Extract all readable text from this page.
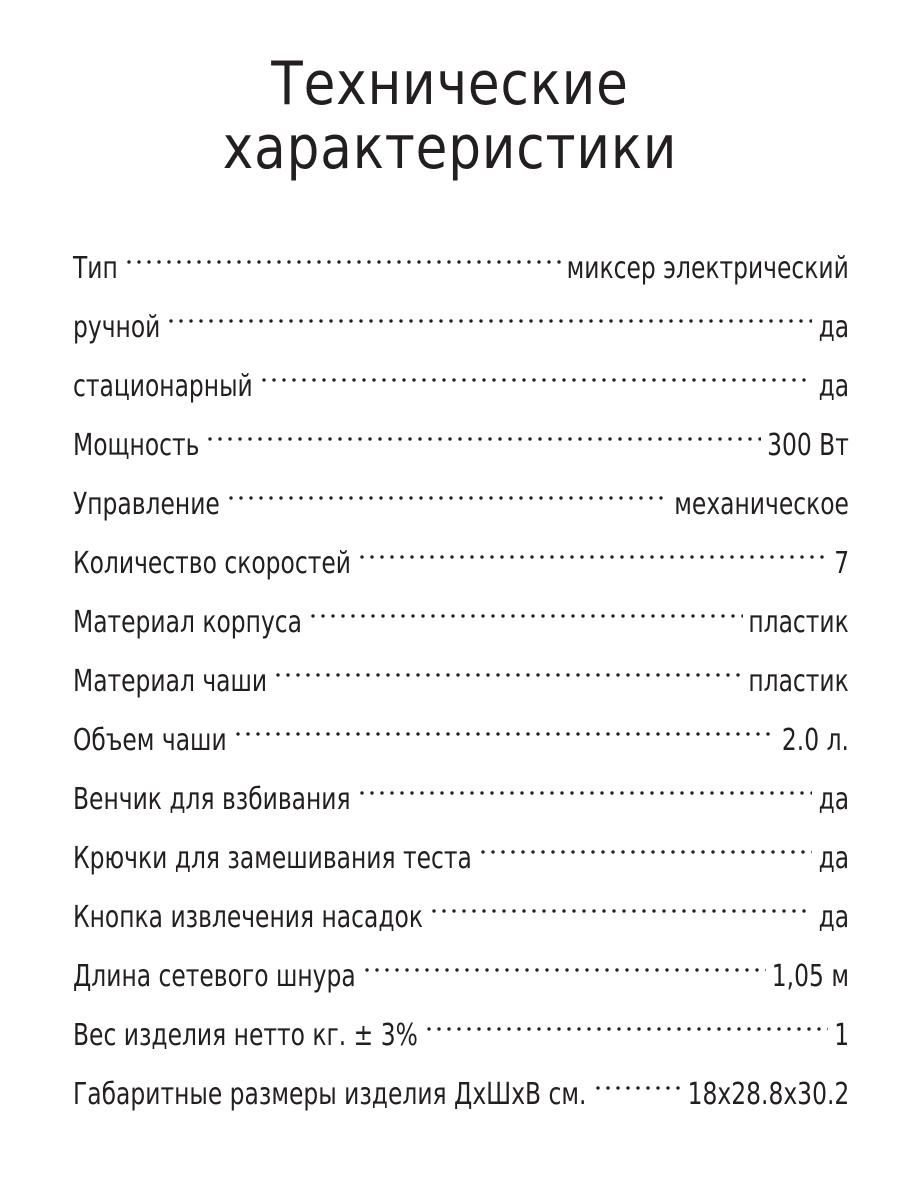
Технические
характеристики
Тип	миксер электрический
ручной	да
стационарный	да
Мощность	300 Вт
Управление	механическое
Количество скоростей	7
Материал корпуса	пластик
Материал чаши	пластик
Объем чаши	2.0 л.
Венчик для взбивания	да
Крючки для замешивания теста	да
Кнопка извлечения насадок	да
Длина сетевого шнура	1,05 м
Вес изделия нетто кг. ± 3%	1
Габаритные размеры изделия ДхШхВ см.	18x28.8x30.2
